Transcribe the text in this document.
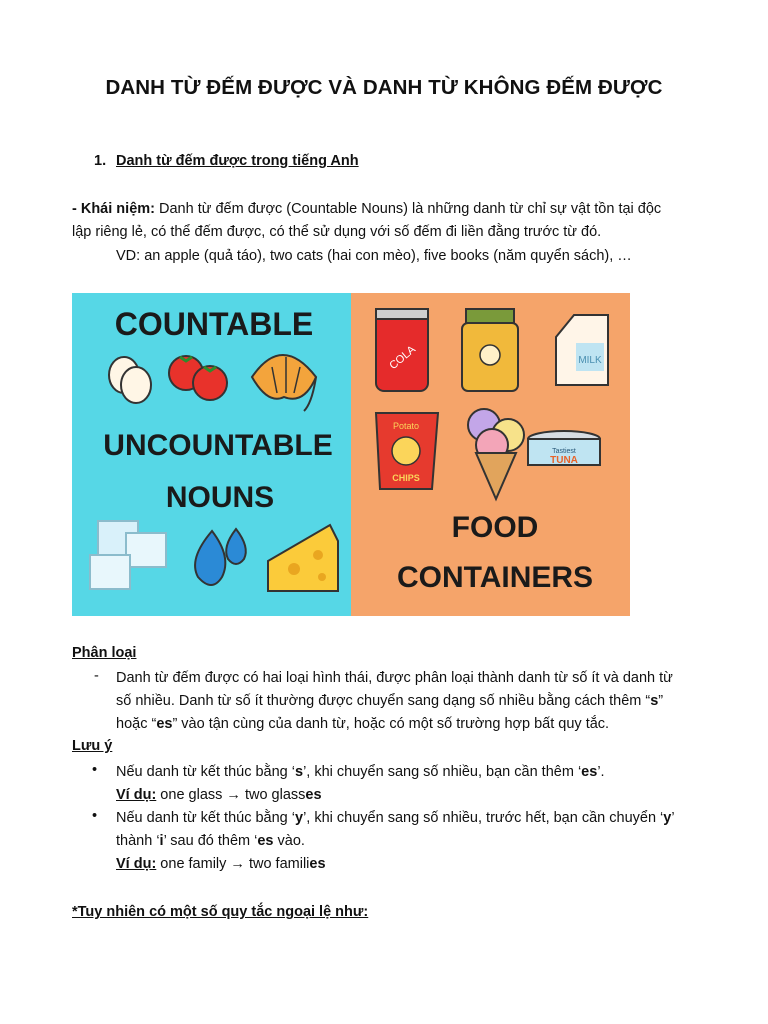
DANH TỪ ĐẾM ĐƯỢC VÀ DANH TỪ KHÔNG ĐẾM ĐƯỢC
1. Danh từ đếm được trong tiếng Anh
- Khái niệm: Danh từ đếm được (Countable Nouns) là những danh từ chỉ sự vật tồn tại độc
lập riêng lẻ, có thể đếm được, có thể sử dụng với số đếm đi liền đằng trước từ đó.
VD: an apple (quả táo), two cats (hai con mèo), five books (năm quyển sách), …
COUNTABLE
UNCOUNTABLE
NOUNS
COLA	MILK
Potato
CHIPS
Tastiest
TUNA
FOOD
CONTAINERS
Phân loại
- Danh từ đếm được có hai loại hình thái, được phân loại thành danh từ số ít và danh từ
số nhiều. Danh từ số ít thường được chuyển sang dạng số nhiều bằng cách thêm “s”
hoặc “es” vào tận cùng của danh từ, hoặc có một số trường hợp bất quy tắc.
Lưu ý
• Nếu danh từ kết thúc bằng ‘s’, khi chuyển sang số nhiều, bạn cần thêm ‘es’.
Ví dụ: one glass → two glasses
• Nếu danh từ kết thúc bằng ‘y’, khi chuyển sang số nhiều, trước hết, bạn cần chuyển ‘y’
thành ‘i’ sau đó thêm ‘es vào.
Ví dụ: one family → two families
*Tuy nhiên có một số quy tắc ngoại lệ như:
